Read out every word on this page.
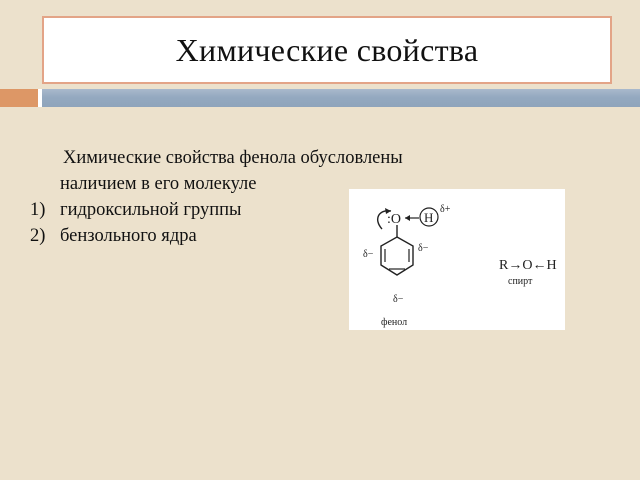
Химические свойства
Химические свойства фенола обусловлены
наличием в его молекуле
1) гидроксильной группы
2) бензольного ядра
:O H
δ+
δ−
δ−
δ−
фенол
R→O←H
спирт
